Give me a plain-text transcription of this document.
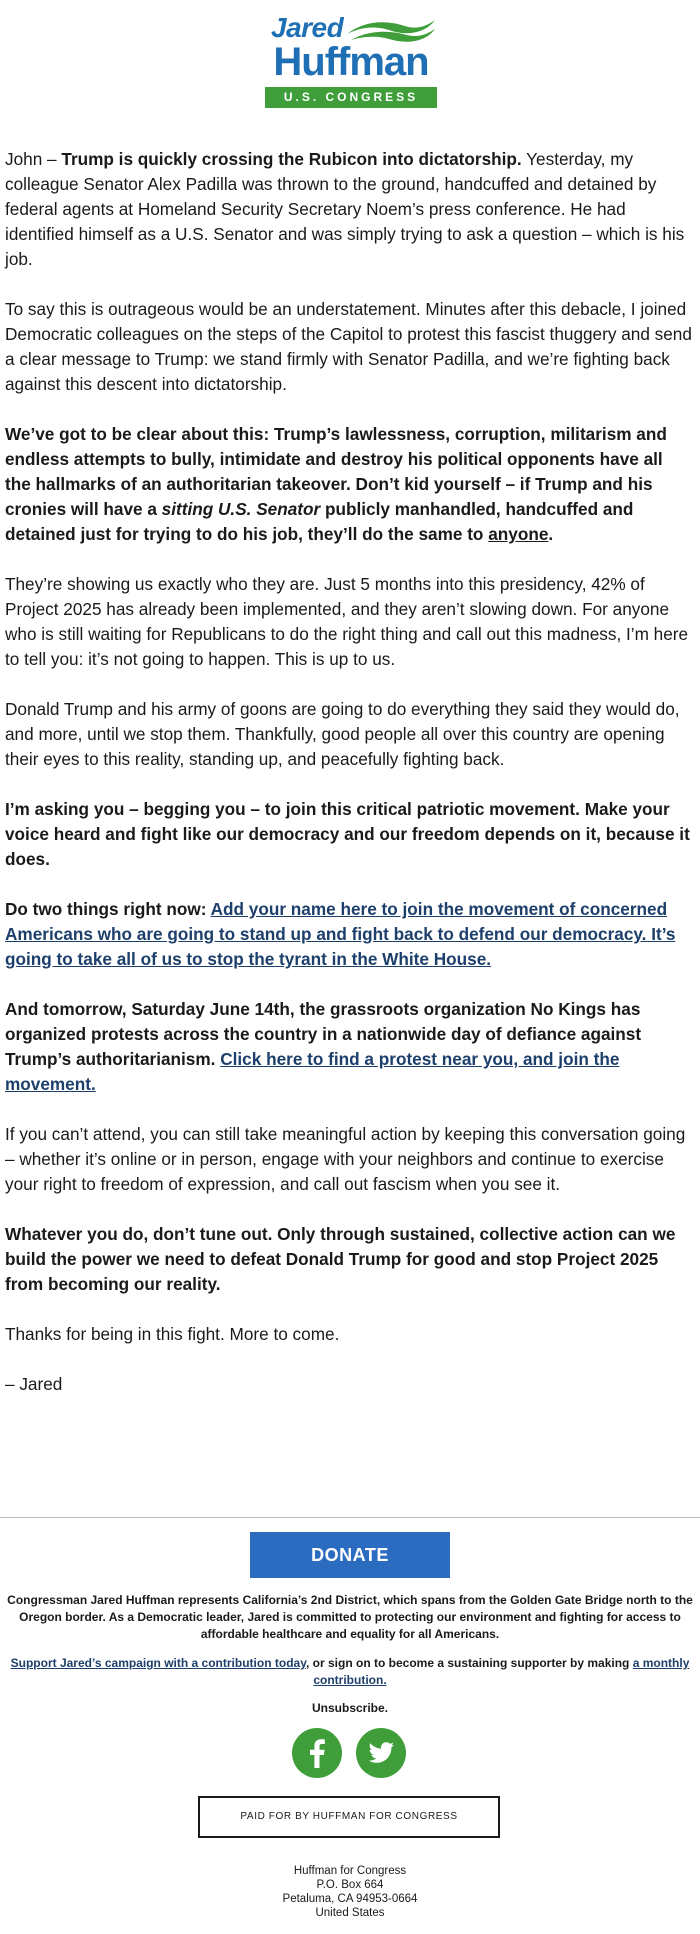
Jared
Huffman
U.S. CONGRESS

John – Trump is quickly crossing the Rubicon into dictatorship. Yesterday, my colleague Senator Alex Padilla was thrown to the ground, handcuffed and detained by federal agents at Homeland Security Secretary Noem’s press conference. He had identified himself as a U.S. Senator and was simply trying to ask a question – which is his job.

To say this is outrageous would be an understatement. Minutes after this debacle, I joined Democratic colleagues on the steps of the Capitol to protest this fascist thuggery and send a clear message to Trump: we stand firmly with Senator Padilla, and we’re fighting back against this descent into dictatorship.

We’ve got to be clear about this: Trump’s lawlessness, corruption, militarism and endless attempts to bully, intimidate and destroy his political opponents have all the hallmarks of an authoritarian takeover. Don’t kid yourself – if Trump and his cronies will have a sitting U.S. Senator publicly manhandled, handcuffed and detained just for trying to do his job, they’ll do the same to anyone.

They’re showing us exactly who they are. Just 5 months into this presidency, 42% of Project 2025 has already been implemented, and they aren’t slowing down. For anyone who is still waiting for Republicans to do the right thing and call out this madness, I’m here to tell you: it’s not going to happen. This is up to us.

Donald Trump and his army of goons are going to do everything they said they would do, and more, until we stop them. Thankfully, good people all over this country are opening their eyes to this reality, standing up, and peacefully fighting back.

I’m asking you – begging you – to join this critical patriotic movement. Make your voice heard and fight like our democracy and our freedom depends on it, because it does.

Do two things right now: Add your name here to join the movement of concerned Americans who are going to stand up and fight back to defend our democracy. It’s going to take all of us to stop the tyrant in the White House.

And tomorrow, Saturday June 14th, the grassroots organization No Kings has organized protests across the country in a nationwide day of defiance against Trump’s authoritarianism. Click here to find a protest near you, and join the movement.

If you can’t attend, you can still take meaningful action by keeping this conversation going – whether it’s online or in person, engage with your neighbors and continue to exercise your right to freedom of expression, and call out fascism when you see it.

Whatever you do, don’t tune out. Only through sustained, collective action can we build the power we need to defeat Donald Trump for good and stop Project 2025 from becoming our reality.

Thanks for being in this fight. More to come.

– Jared

DONATE
Congressman Jared Huffman represents California’s 2nd District, which spans from the Golden Gate Bridge north to the Oregon border. As a Democratic leader, Jared is committed to protecting our environment and fighting for access to affordable healthcare and equality for all Americans.
Support Jared’s campaign with a contribution today, or sign on to become a sustaining supporter by making a monthly contribution.
Unsubscribe.
PAID FOR BY HUFFMAN FOR CONGRESS
Huffman for Congress
P.O. Box 664
Petaluma, CA 94953-0664
United States
